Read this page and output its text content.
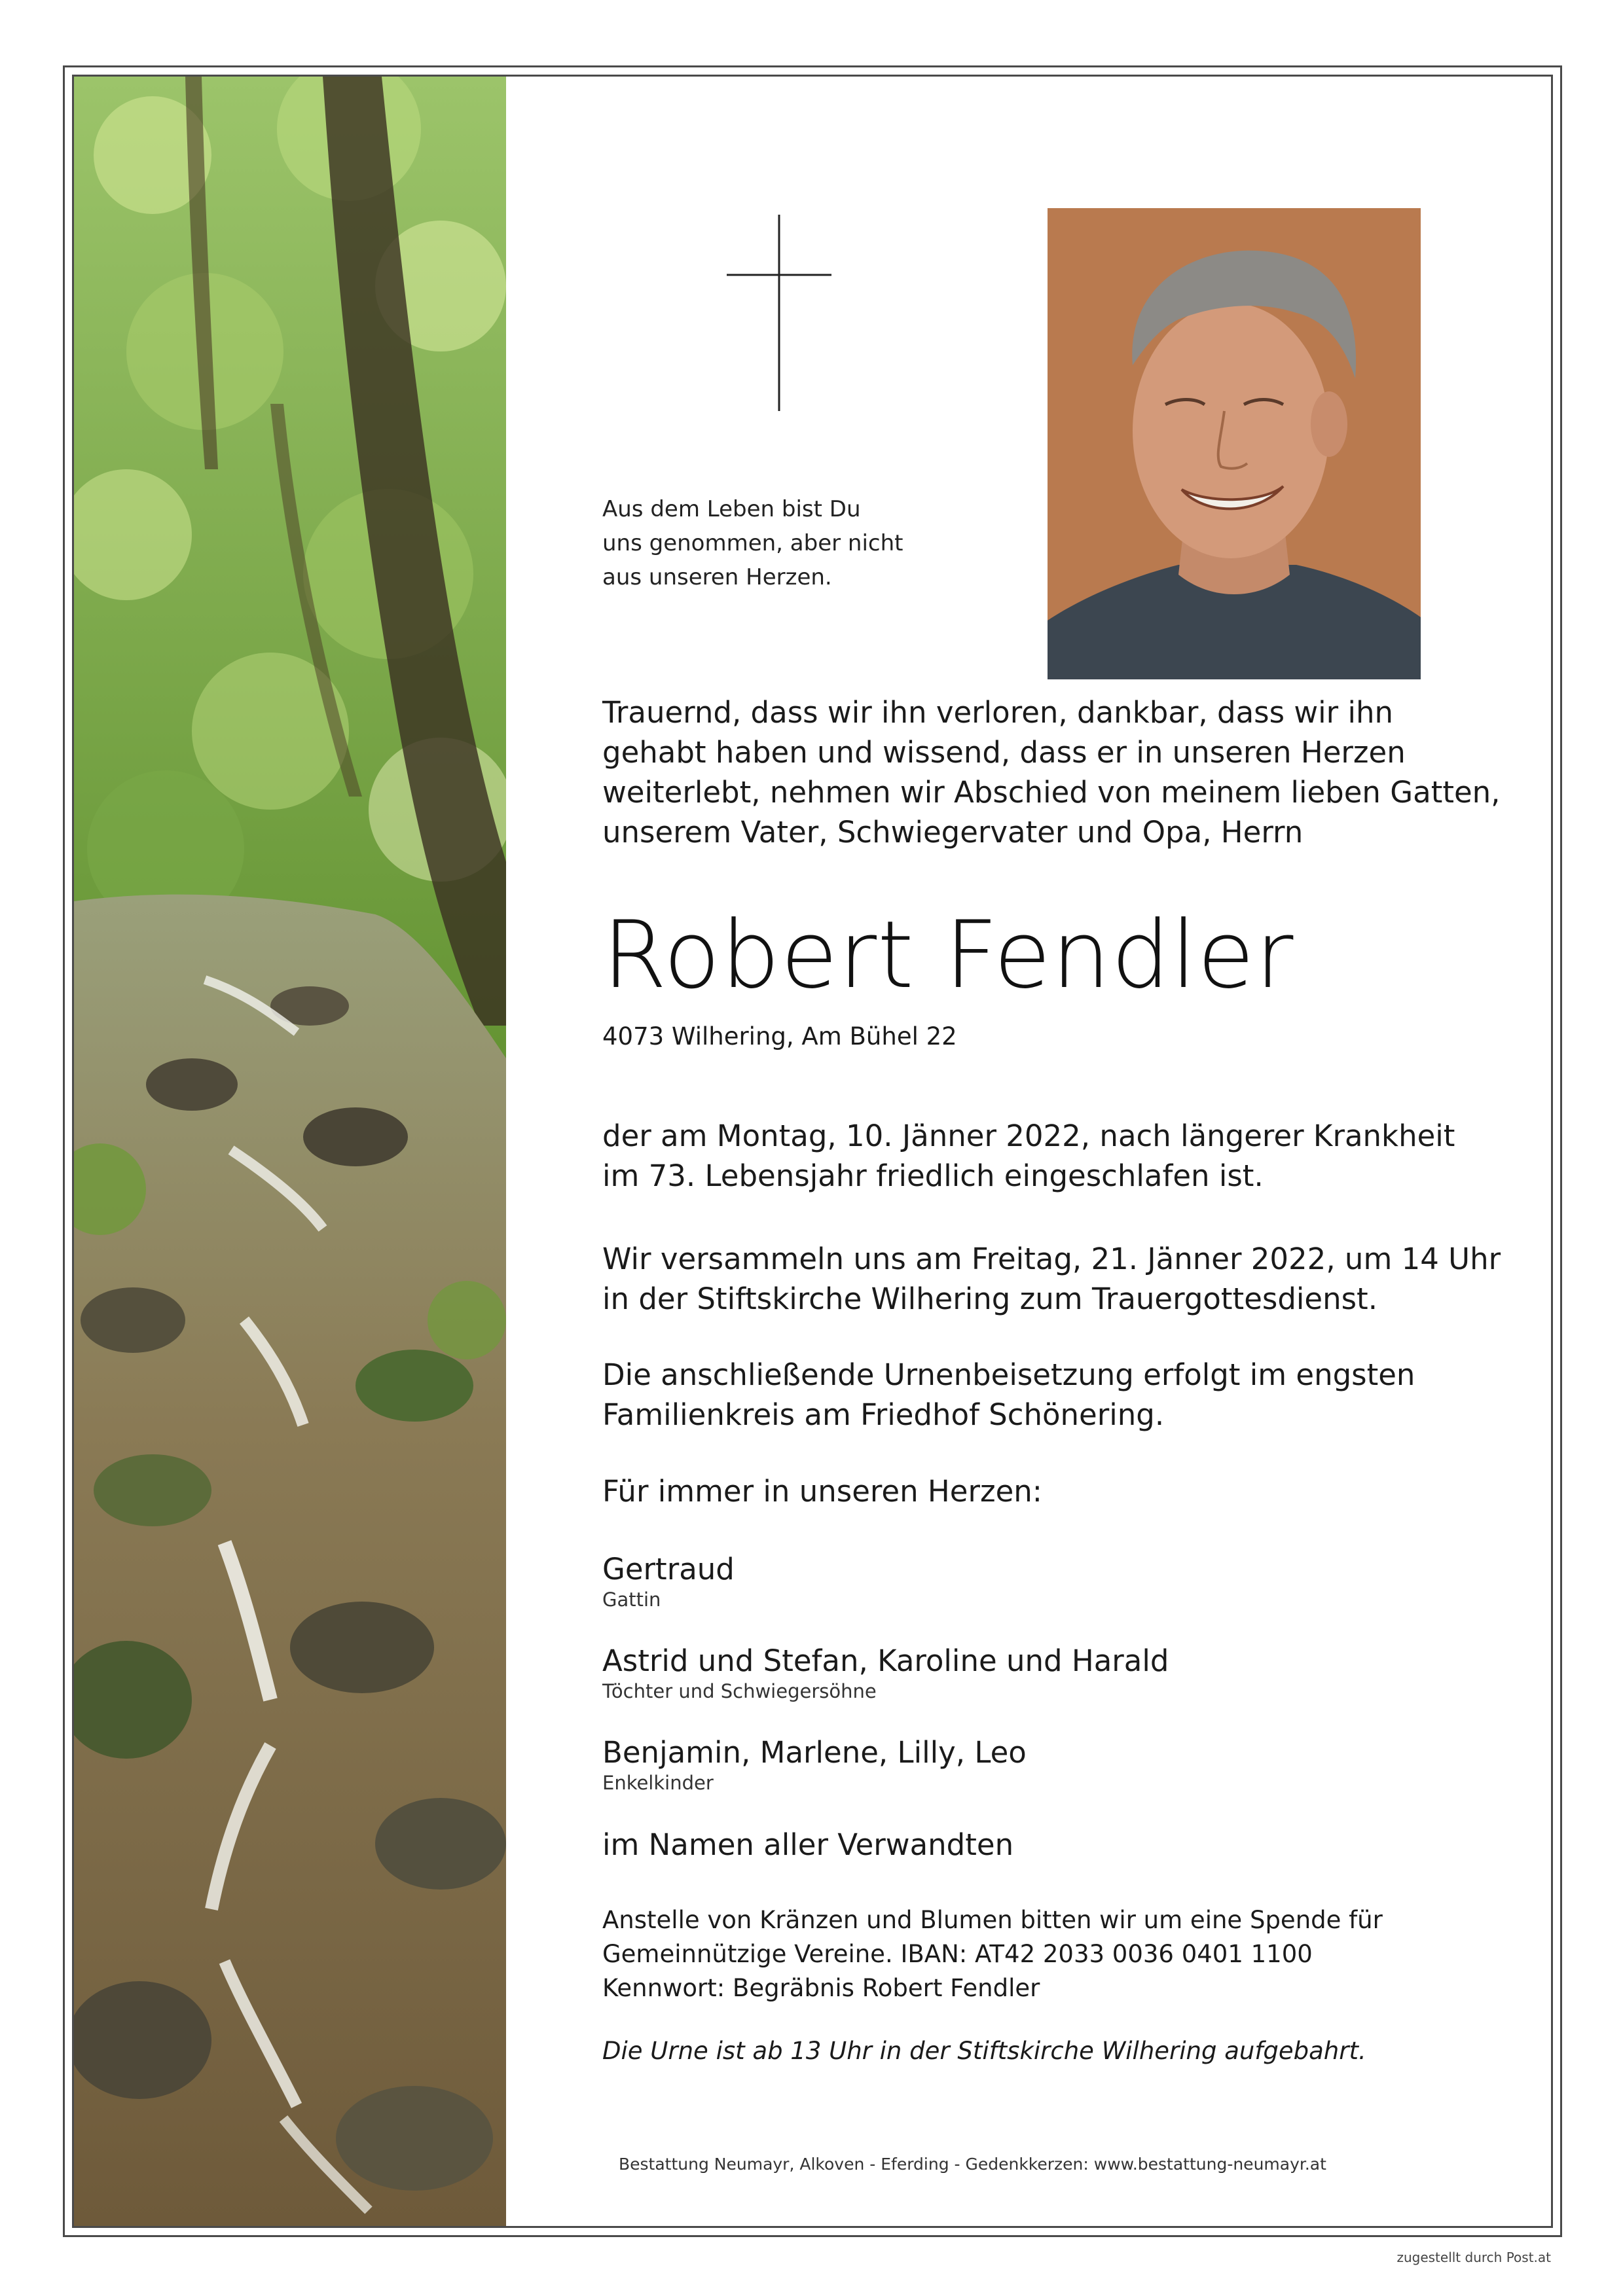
Aus dem Leben bist Du
uns genommen, aber nicht
aus unseren Herzen.
Trauernd, dass wir ihn verloren, dankbar, dass wir ihn
gehabt haben und wissend, dass er in unseren Herzen
weiterlebt, nehmen wir Abschied von meinem lieben Gatten,
unserem Vater, Schwiegervater und Opa, Herrn
Robert Fendler
4073 Wilhering, Am Bühel 22
der am Montag, 10. Jänner 2022, nach längerer Krankheit
im 73. Lebensjahr friedlich eingeschlafen ist.
Wir versammeln uns am Freitag, 21. Jänner 2022, um 14 Uhr
in der Stiftskirche Wilhering zum Trauergottesdienst.
Die anschließende Urnenbeisetzung erfolgt im engsten
Familienkreis am Friedhof Schönering.
Für immer in unseren Herzen:
Gertraud
Gattin
Astrid und Stefan, Karoline und Harald
Töchter und Schwiegersöhne
Benjamin, Marlene, Lilly, Leo
Enkelkinder
im Namen aller Verwandten
Anstelle von Kränzen und Blumen bitten wir um eine Spende für
Gemeinnützige Vereine. IBAN: AT42 2033 0036 0401 1100
Kennwort: Begräbnis Robert Fendler
Die Urne ist ab 13 Uhr in der Stiftskirche Wilhering aufgebahrt.

Bestattung Neumayr, Alkoven - Eferding - Gedenkkerzen: www.bestattung-neumayr.at

zugestellt durch Post.at
